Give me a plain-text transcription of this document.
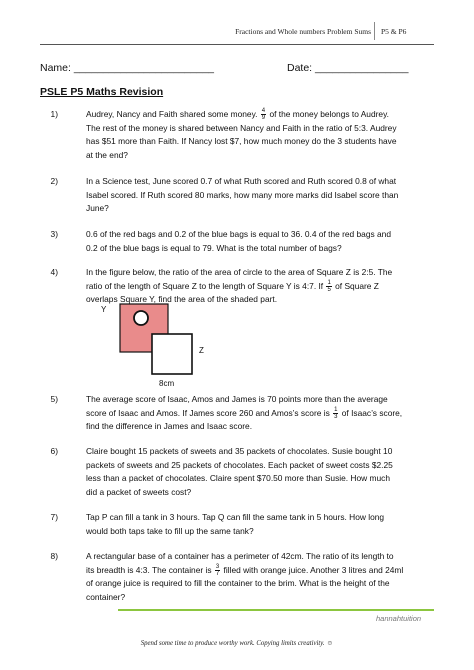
Fractions and Whole numbers Problem Sums P5 & P6
Name: ________________________	Date: ________________
PSLE P5 Maths Revision
1)	Audrey, Nancy and Faith shared some money. $\frac{4}{9}$ of the money belongs to Audrey.
The rest of the money is shared between Nancy and Faith in the ratio of 5:3. Audrey
has $51 more than Faith. If Nancy lost $7, how much money do the 3 students have
at the end?
2)	In a Science test, June scored 0.7 of what Ruth scored and Ruth scored 0.8 of what
Isabel scored. If Ruth scored 80 marks, how many more marks did Isabel score than
June?
3)	0.6 of the red bags and 0.2 of the blue bags is equal to 36. 0.4 of the red bags and
0.2 of the blue bags is equal to 79. What is the total number of bags?
4)	In the figure below, the ratio of the area of circle to the area of Square Z is 2:5. The
ratio of the length of Square Z to the length of Square Y is 4:7. If $\frac{1}{5}$ of Square Z
overlaps Square Y, find the area of the shaded part.
Y
Z
8cm
5)	The average score of Isaac, Amos and James is 70 points more than the average
score of Isaac and Amos. If James score 260 and Amos’s score is $\frac{1}{3}$ of Isaac’s score,
find the difference in James and Isaac score.
6)	Claire bought 15 packets of sweets and 35 packets of chocolates. Susie bought 10
packets of sweets and 25 packets of chocolates. Each packet of sweet costs $2.25
less than a packet of chocolates. Claire spent $70.50 more than Susie. How much
did a packet of sweets cost?
7)	Tap P can fill a tank in 3 hours. Tap Q can fill the same tank in 5 hours. How long
would both taps take to fill up the same tank?
8)	A rectangular base of a container has a perimeter of 42cm. The ratio of its length to
its breadth is 4:3. The container is $\frac{3}{7}$ filled with orange juice. Another 3 litres and 24ml
of orange juice is required to fill the container to the brim. What is the height of the
container?
hannahtuition
Spend some time to produce worthy work. Copying limits creativity. ☺
